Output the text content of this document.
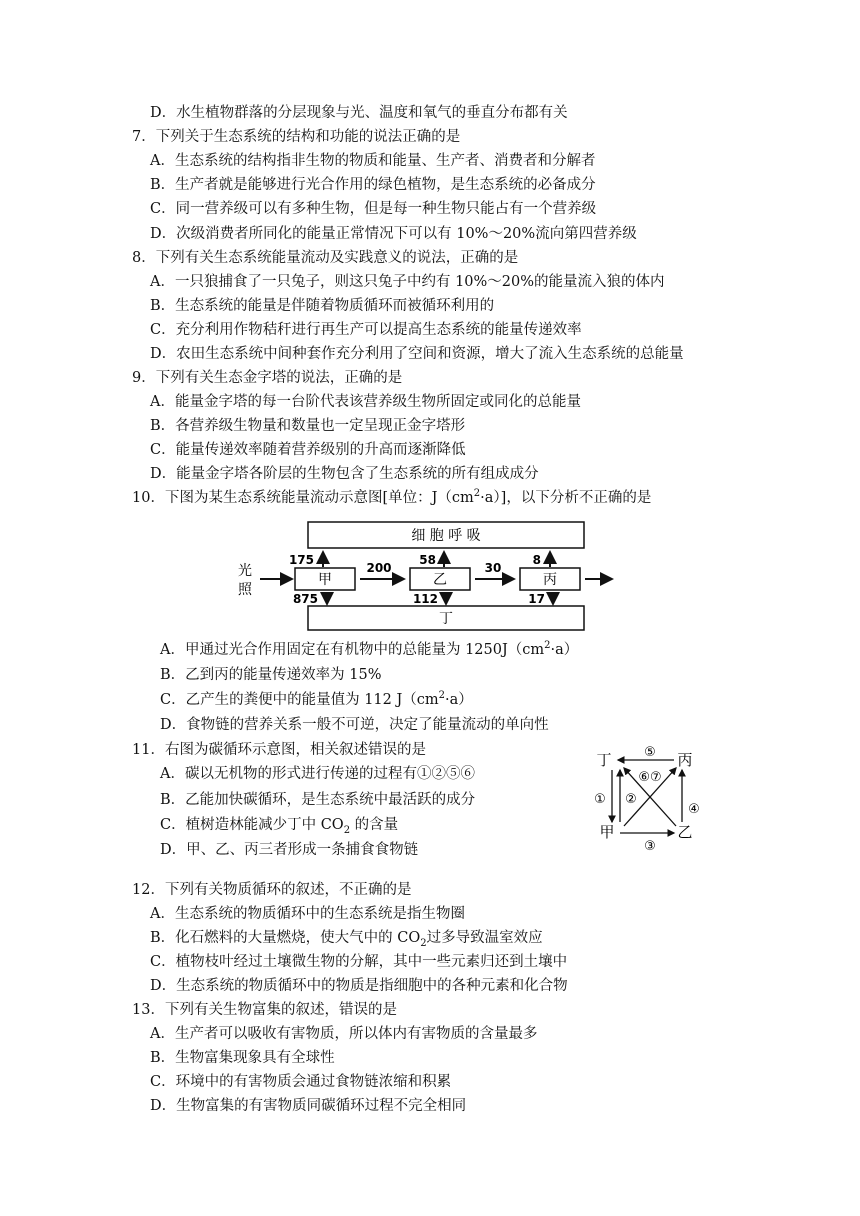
D．水生植物群落的分层现象与光、温度和氧气的垂直分布都有关
7．下列关于生态系统的结构和功能的说法正确的是
A．生态系统的结构指非生物的物质和能量、生产者、消费者和分解者
B．生产者就是能够进行光合作用的绿色植物，是生态系统的必备成分
C．同一营养级可以有多种生物，但是每一种生物只能占有一个营养级
D．次级消费者所同化的能量正常情况下可以有 10%～20%流向第四营养级
8．下列有关生态系统能量流动及实践意义的说法，正确的是
A．一只狼捕食了一只兔子，则这只兔子中约有 10%～20%的能量流入狼的体内
B．生态系统的能量是伴随着物质循环而被循环利用的
C．充分利用作物秸秆进行再生产可以提高生态系统的能量传递效率
D．农田生态系统中间种套作充分利用了空间和资源，增大了流入生态系统的总能量
9．下列有关生态金字塔的说法，正确的是
A．能量金字塔的每一台阶代表该营养级生物所固定或同化的总能量
B．各营养级生物量和数量也一定呈现正金字塔形
C．能量传递效率随着营养级别的升高而逐渐降低
D．能量金字塔各阶层的生物包含了生态系统的所有组成成分
10．下图为某生态系统能量流动示意图[单位：$J(cm^2\cdot a)$]，以下分析不正确的是
细 胞 呼 吸
丁
光
照
甲	乙	丙
200	30
175	58	8
875	112	17
A．甲通过光合作用固定在有机物中的总能量为 $1250J(cm^2\cdot a)$
B．乙到丙的能量传递效率为 15%
C．乙产生的粪便中的能量值为 112 $J(cm^2\cdot a)$
D．食物链的营养关系一般不可逆，决定了能量流动的单向性
11．右图为碳循环示意图，相关叙述错误的是
A．碳以无机物的形式进行传递的过程有①②⑤⑥
B．乙能加快碳循环，是生态系统中最活跃的成分
C．植树造林能减少丁中 $CO_2$ 的含量
D．甲、乙、丙三者形成一条捕食食物链
丁	丙
甲	乙
⑤
③
① ②
④
⑥⑦
12．下列有关物质循环的叙述，不正确的是
A．生态系统的物质循环中的生态系统是指生物圈
B．化石燃料的大量燃烧，使大气中的 $CO_2$过多导致温室效应
C．植物枝叶经过土壤微生物的分解，其中一些元素归还到土壤中
D．生态系统的物质循环中的物质是指细胞中的各种元素和化合物
13．下列有关生物富集的叙述，错误的是
A．生产者可以吸收有害物质，所以体内有害物质的含量最多
B．生物富集现象具有全球性
C．环境中的有害物质会通过食物链浓缩和积累
D．生物富集的有害物质同碳循环过程不完全相同
